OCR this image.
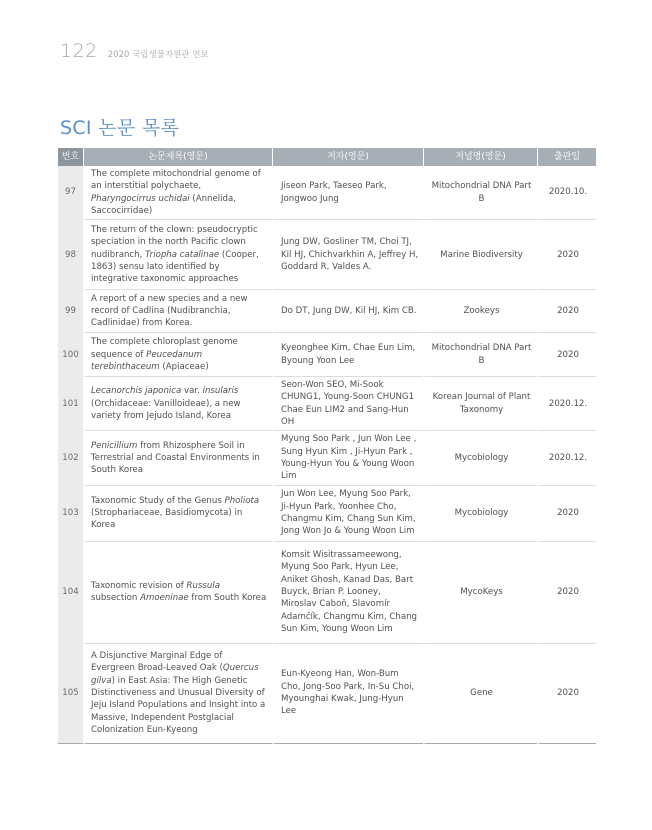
122 2020 국립생물자원관 연보
SCI 논문 목록
번호	논문제목(영문)	저자(영문)	저널명(영문)	출판일
97	The complete mitochondrial genome of an interstitial polychaete, Pharyngocirrus uchidai (Annelida, Saccocirridae)	Jiseon Park, Taeseo Park, Jongwoo Jung	Mitochondrial DNA Part B	2020.10.
98	The return of the clown: pseudocryptic speciation in the north Pacific clown nudibranch, Triopha catalinae (Cooper, 1863) sensu lato identified by integrative taxonomic approaches	Jung DW, Gosliner TM, Choi TJ, Kil HJ, Chichvarkhin A, Jeffrey H, Goddard R, Valdes A.	Marine Biodiversity	2020
99	A report of a new species and a new record of Cadlina (Nudibranchia, Cadlinidae) from Korea.	Do DT, Jung DW, Kil HJ, Kim CB.	Zookeys	2020
100	The complete chloroplast genome sequence of Peucedanum terebinthaceum (Apiaceae)	Kyeonghee Kim, Chae Eun Lim, Byoung Yoon Lee	Mitochondrial DNA Part B	2020
101	Lecanorchis japonica var. insularis (Orchidaceae: Vanilloideae), a new variety from Jejudo Island, Korea	Seon-Won SEO, Mi-Sook CHUNG1, Young-Soon CHUNG1 Chae Eun LIM2 and Sang-Hun OH	Korean Journal of Plant Taxonomy	2020.12.
102	Penicillium from Rhizosphere Soil in Terrestrial and Coastal Environments in South Korea	Myung Soo Park , Jun Won Lee , Sung Hyun Kim , Ji-Hyun Park , Young-Hyun You & Young Woon Lim	Mycobiology	2020.12.
103	Taxonomic Study of the Genus Pholiota (Strophariaceae, Basidiomycota) in Korea	Jun Won Lee, Myung Soo Park, Ji-Hyun Park, Yoonhee Cho, Changmu Kim, Chang Sun Kim, Jong Won Jo & Young Woon Lim	Mycobiology	2020
104	Taxonomic revision of Russula subsection Amoeninae from South Korea	Komsit Wisitrassameewong, Myung Soo Park, Hyun Lee, Aniket Ghosh, Kanad Das, Bart Buyck, Brian P. Looney, Miroslav Caboň, Slavomír Adamčík, Changmu Kim, Chang Sun Kim, Young Woon Lim	MycoKeys	2020
105	A Disjunctive Marginal Edge of Evergreen Broad-Leaved Oak (Quercus gilva) in East Asia: The High Genetic Distinctiveness and Unusual Diversity of Jeju Island Populations and Insight into a Massive, Independent Postglacial Colonization Eun-Kyeong	Eun-Kyeong Han, Won-Bum Cho, Jong-Soo Park, In-Su Choi, Myounghai Kwak, Jung-Hyun Lee	Gene	2020
